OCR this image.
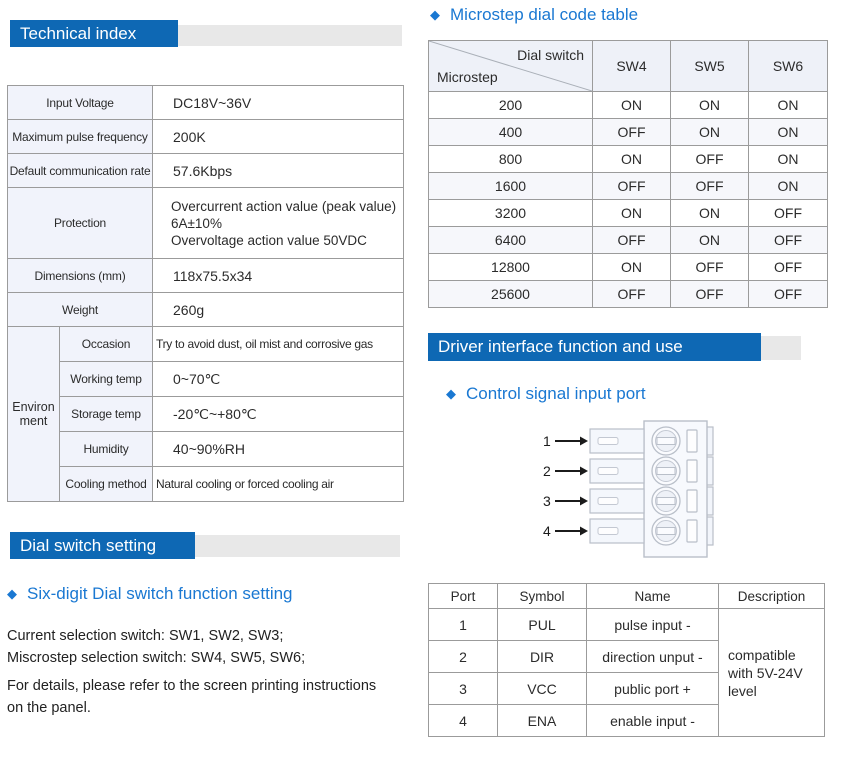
Technical index
Dial switch setting
Driver interface function and use
Input Voltage		DC18V~36V
Maximum pulse frequency		200K
Default communication rate		57.6Kbps
Protection		Overcurrent action value (peak value)
6A±10%
Overvoltage action value 50VDC

Dimensions (mm)		118x75.5x34
Weight		260g
Environment	Occasion	Try to avoid dust, oil mist and corrosive gas
	Working temp	0~70℃
	Storage temp	-20℃~+80℃
	Humidity	40~90%RH
	Cooling method	Natural cooling or forced cooling air
◆ Six-digit Dial switch function setting
Current selection switch: SW1, SW2, SW3;
Miscrostep selection switch: SW4, SW5, SW6;
For details, please refer to the screen printing instructions
on the panel.
◆ Microstep dial code table
Dial switch
Microstep	SW4	SW5	SW6
200	ON	ON	ON
400	OFF	ON	ON
800	ON	OFF	ON
1600	OFF	OFF	ON
3200	ON	ON	OFF
6400	OFF	ON	OFF
12800	ON	OFF	OFF
25600	OFF	OFF	OFF
◆ Control signal input port
1
2
3
4
Port	Symbol	Name	Description
1	PUL	pulse input -	compatible with 5V-24V level
2	DIR	direction unput -	
3	VCC	public port +	
4	ENA	enable input -	
